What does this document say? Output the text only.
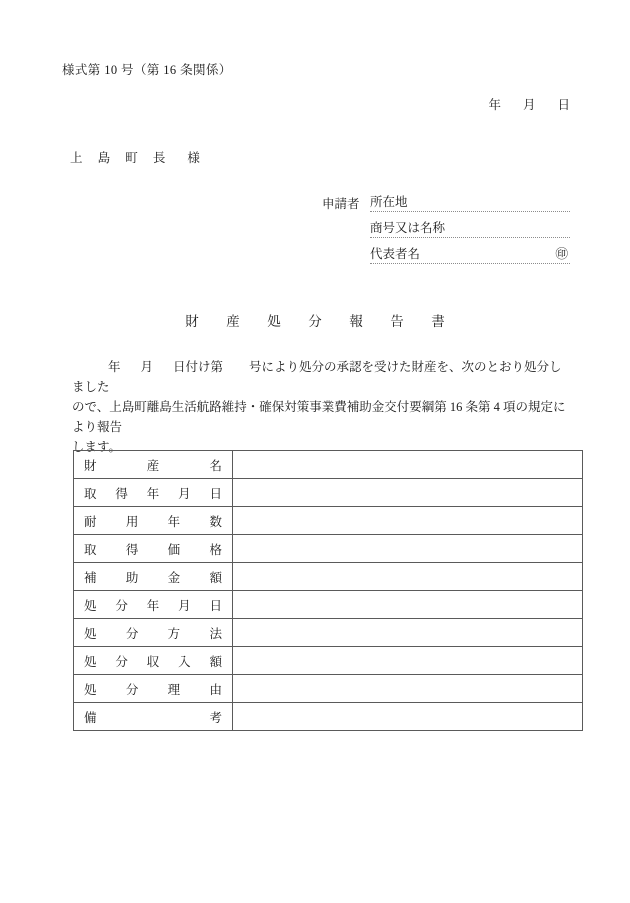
様式第 10 号（第 16 条関係）
年 月 日
上 島 町 長 様
申請者 所在地
商号又は名称
代表者名	㊞
財　産　処　分　報　告　書

年 月 日付け第 号により処分の承認を受けた財産を、次のとおり処分しました

ので、上島町離島生活航路維持・確保対策事業費補助金交付要綱第 16 条第 4 項の規定により報告

します。

財 産 名	

取 得 年 月 日	

耐 用 年 数	

取 得 価 格	

補 助 金 額	

処 分 年 月 日	

処 分 方 法	

処 分 収 入 額	

処 分 理 由	

備 考	
